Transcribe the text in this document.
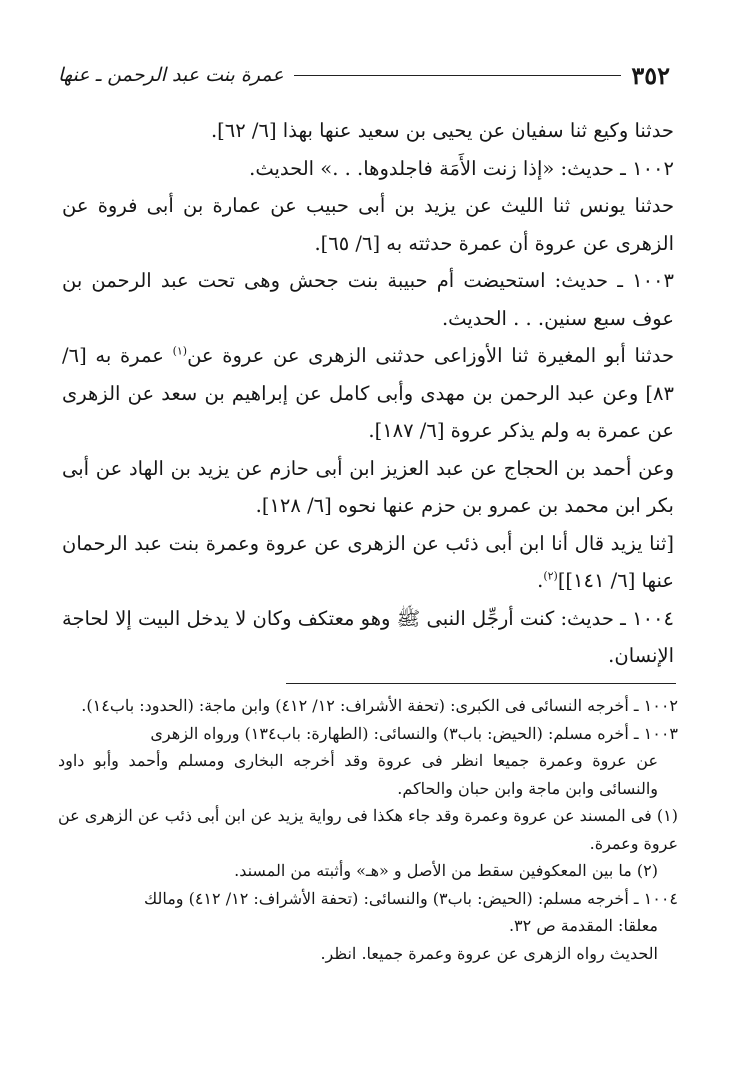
٣٥٢
عمرة بنت عبد الرحمن ـ عنها

حدثنا وكيع ثنا سفيان عن يحيى بن سعيد عنها بهذا [٦/ ٦٢].

١٠٠٢ ـ حديث: «إذا زنت الأَمَة فاجلدوها. . .» الحديث.

حدثنا يونس ثنا الليث عن يزيد بن أبى حبيب عن عمارة بن أبى فروة عن الزهرى عن عروة أن عمرة حدثته به [٦/ ٦٥].

١٠٠٣ ـ حديث: استحيضت أم حبيبة بنت جحش وهى تحت عبد الرحمن بن عوف سبع سنين. . . الحديث.

حدثنا أبو المغيرة ثنا الأوزاعى حدثنى الزهرى عن عروة عن$^{(١)}$ عمرة به [٦/ ٨٣] وعن عبد الرحمن بن مهدى وأبى كامل عن إبراهيم بن سعد عن الزهرى عن عمرة به ولم يذكر عروة [٦/ ١٨٧].

وعن أحمد بن الحجاج عن عبد العزيز ابن أبى حازم عن يزيد بن الهاد عن أبى بكر ابن محمد بن عمرو بن حزم عنها نحوه [٦/ ١٢٨].

[ثنا يزيد قال أنا ابن أبى ذئب عن الزهرى عن عروة وعمرة بنت عبد الرحمان عنها [٦/ ١٤١]]$^{(٢)}$.

١٠٠٤ ـ حديث: كنت أرجِّل النبى ﷺ وهو معتكف وكان لا يدخل البيت إلا لحاجة الإنسان.

١٠٠٢ ـ أخرجه النسائى فى الكبرى: (تحفة الأشراف: ١٢/ ٤١٢) وابن ماجة: (الحدود: باب١٤).

١٠٠٣ ـ أخره مسلم: (الحيض: باب٣) والنسائى: (الطهارة: باب١٣٤) ورواه الزهرى

عن عروة وعمرة جميعا انظر فى عروة وقد أخرجه البخارى ومسلم وأحمد وأبو داود والنسائى وابن ماجة وابن حبان والحاكم.

(١) فى المسند عن عروة وعمرة وقد جاء هكذا فى رواية يزيد عن ابن أبى ذئب عن الزهرى عن عروة وعمرة.

(٢) ما بين المعكوفين سقط من الأصل و «هـ» وأثبته من المسند.

١٠٠٤ ـ أخرجه مسلم: (الحيض: باب٣) والنسائى: (تحفة الأشراف: ١٢/ ٤١٢) ومالك

معلقا: المقدمة ص ٣٢.

الحديث رواه الزهرى عن عروة وعمرة جميعا. انظر.
